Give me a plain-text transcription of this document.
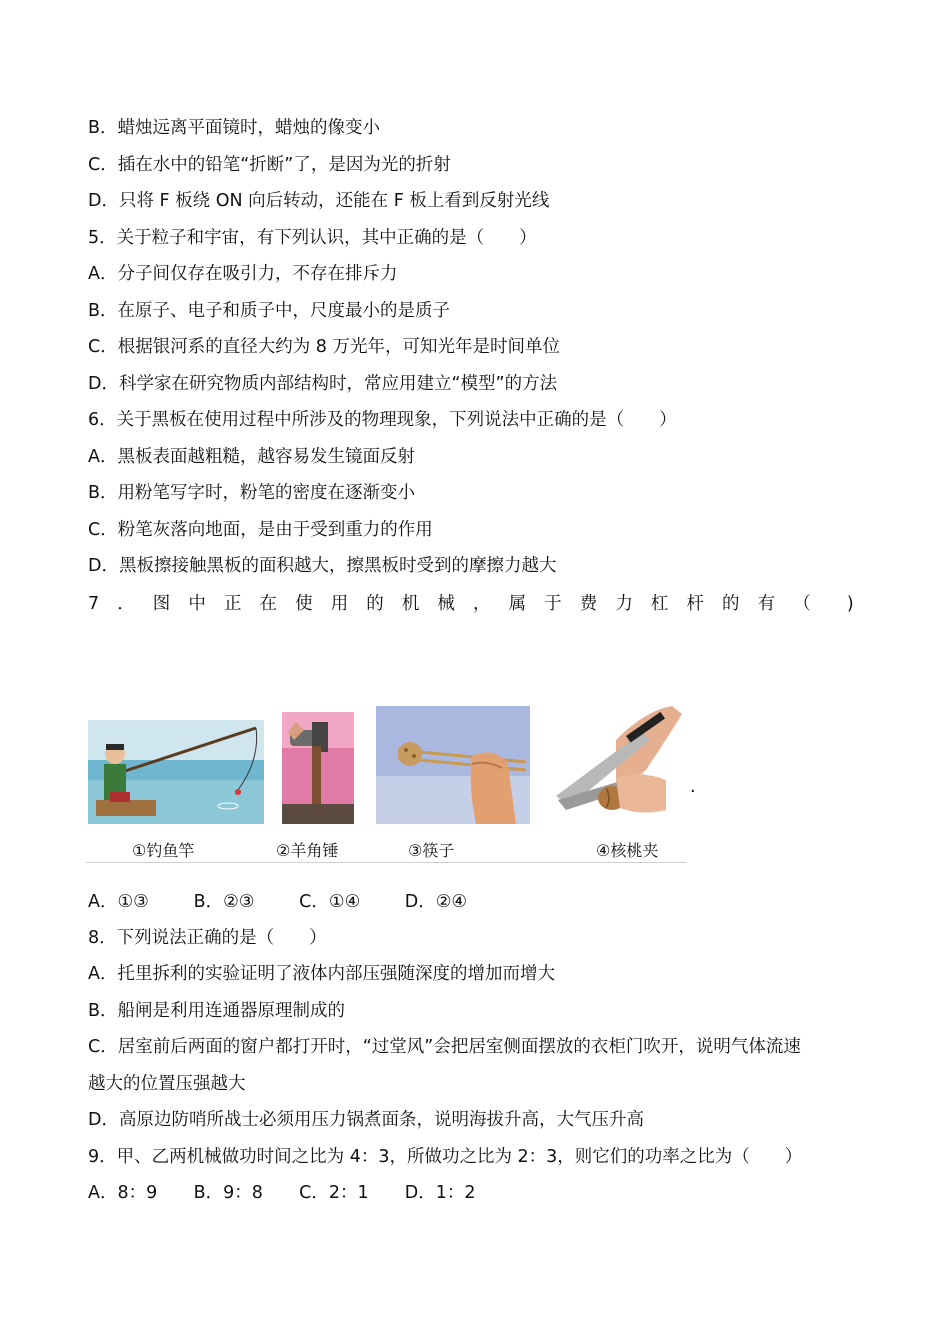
B．蜡烛远离平面镜时，蜡烛的像变小
C．插在水中的铅笔“折断”了，是因为光的折射
D．只将 F 板绕 ON 向后转动，还能在 F 板上看到反射光线
5．关于粒子和宇宙，有下列认识，其中正确的是（　　）
A．分子间仅存在吸引力，不存在排斥力
B．在原子、电子和质子中，尺度最小的是质子
C．根据银河系的直径大约为 8 万光年，可知光年是时间单位
D．科学家在研究物质内部结构时，常应用建立“模型”的方法
6．关于黑板在使用过程中所涉及的物理现象，下列说法中正确的是（　　）
A．黑板表面越粗糙，越容易发生镜面反射
B．用粉笔写字时，粉笔的密度在逐渐变小
C．粉笔灰落向地面，是由于受到重力的作用
D．黑板擦接触黑板的面积越大，擦黑板时受到的摩擦力越大
7 ． 图 中 正 在 使 用 的 机 械 ， 属 于 费 力 杠 杆 的 有 （ )
①钓鱼竿	②羊角锤	③筷子	④核桃夹
.
A．①③	B．②③	C．①④	D．②④
8．下列说法正确的是（　　）
A．托里拆利的实验证明了液体内部压强随深度的增加而增大
B．船闸是利用连通器原理制成的
C．居室前后两面的窗户都打开时，“过堂风”会把居室侧面摆放的衣柜门吹开，说明气体流速
越大的位置压强越大
D．高原边防哨所战士必须用压力锅煮面条，说明海拔升高，大气压升高
9．甲、乙两机械做功时间之比为 4：3，所做功之比为 2：3，则它们的功率之比为（　　）
A．8：9 B．9：8 C．2：1 D．1：2
